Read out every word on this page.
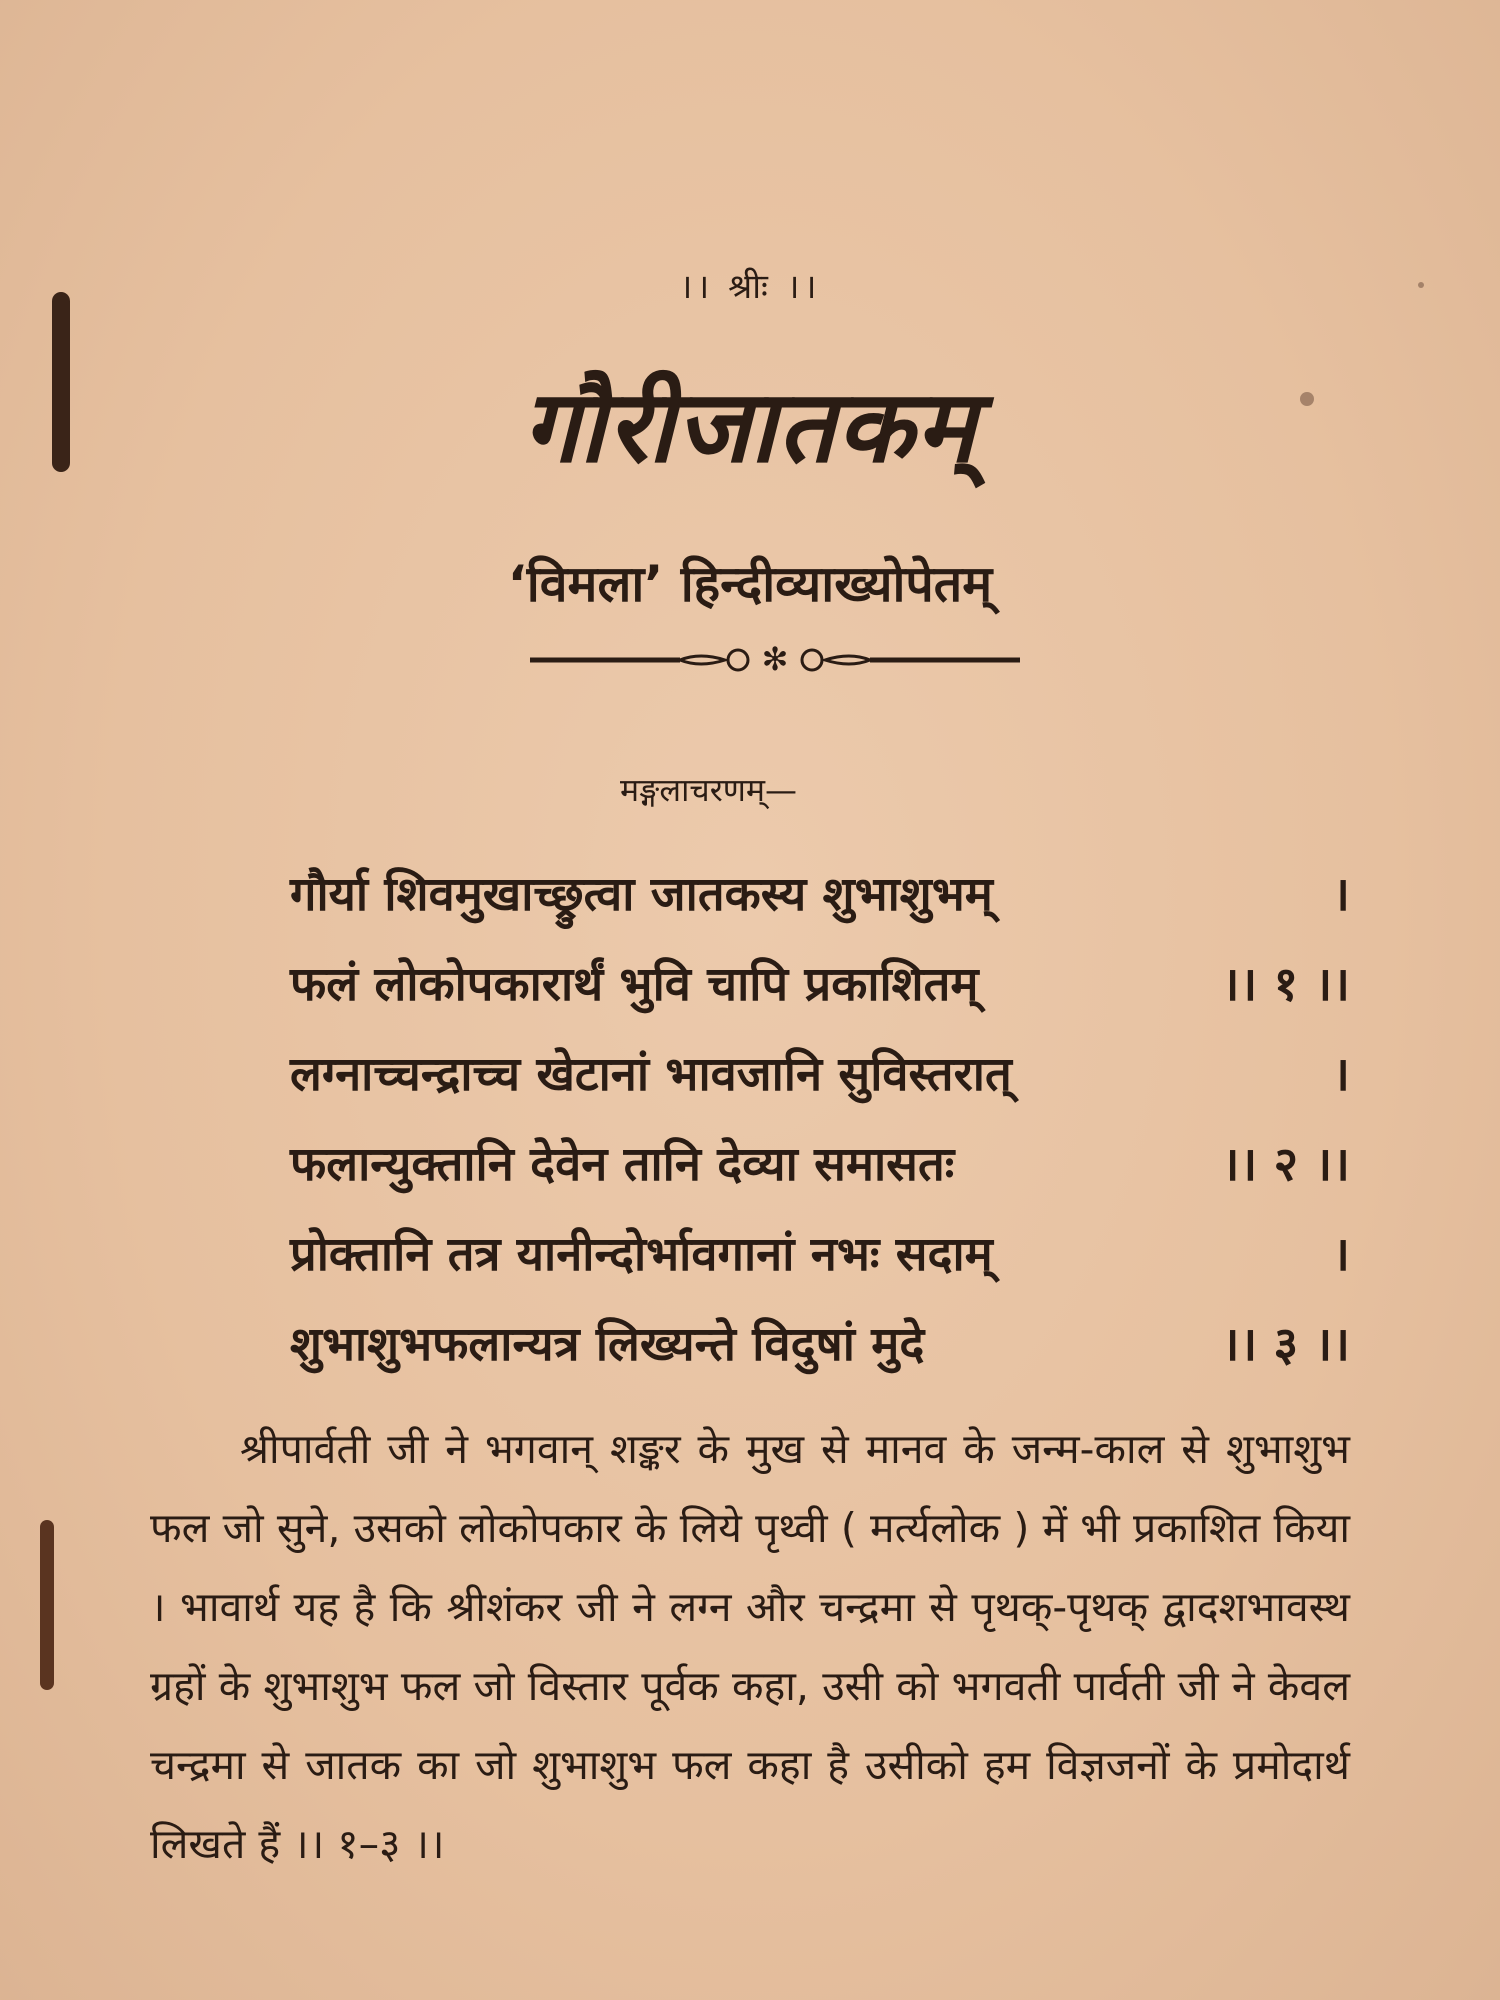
।। श्रीः ।।
गौरीजातकम्
‘विमला’ हिन्दीव्याख्योपेतम्
✻
मङ्गलाचरणम्—
गौर्या शिवमुखाच्छ्रुत्वा जातकस्य शुभाशुभम्	।
फलं लोकोपकारार्थं भुवि चापि प्रकाशितम्	।। १ ।।
लग्नाच्चन्द्राच्च खेटानां भावजानि सुविस्तरात्	।
फलान्युक्तानि देवेन तानि देव्या समासतः	।। २ ।।
प्रोक्तानि तत्र यानीन्दोर्भावगानां नभः सदाम्	।
शुभाशुभफलान्यत्र लिख्यन्ते विदुषां मुदे	।। ३ ।।
श्रीपार्वती जी ने भगवान् शङ्कर के मुख से मानव के जन्म-काल से शुभाशुभ फल जो सुने, उसको लोकोपकार के लिये पृथ्वी ( मर्त्यलोक ) में भी प्रकाशित किया । भावार्थ यह है कि श्रीशंकर जी ने लग्न और चन्द्रमा से पृथक्-पृथक् द्वादशभावस्थ ग्रहों के शुभाशुभ फल जो विस्तार पूर्वक कहा, उसी को भगवती पार्वती जी ने केवल चन्द्रमा से जातक का जो शुभाशुभ फल कहा है उसीको हम विज्ञजनों के प्रमोदार्थ लिखते हैं ।। १–३ ।।
